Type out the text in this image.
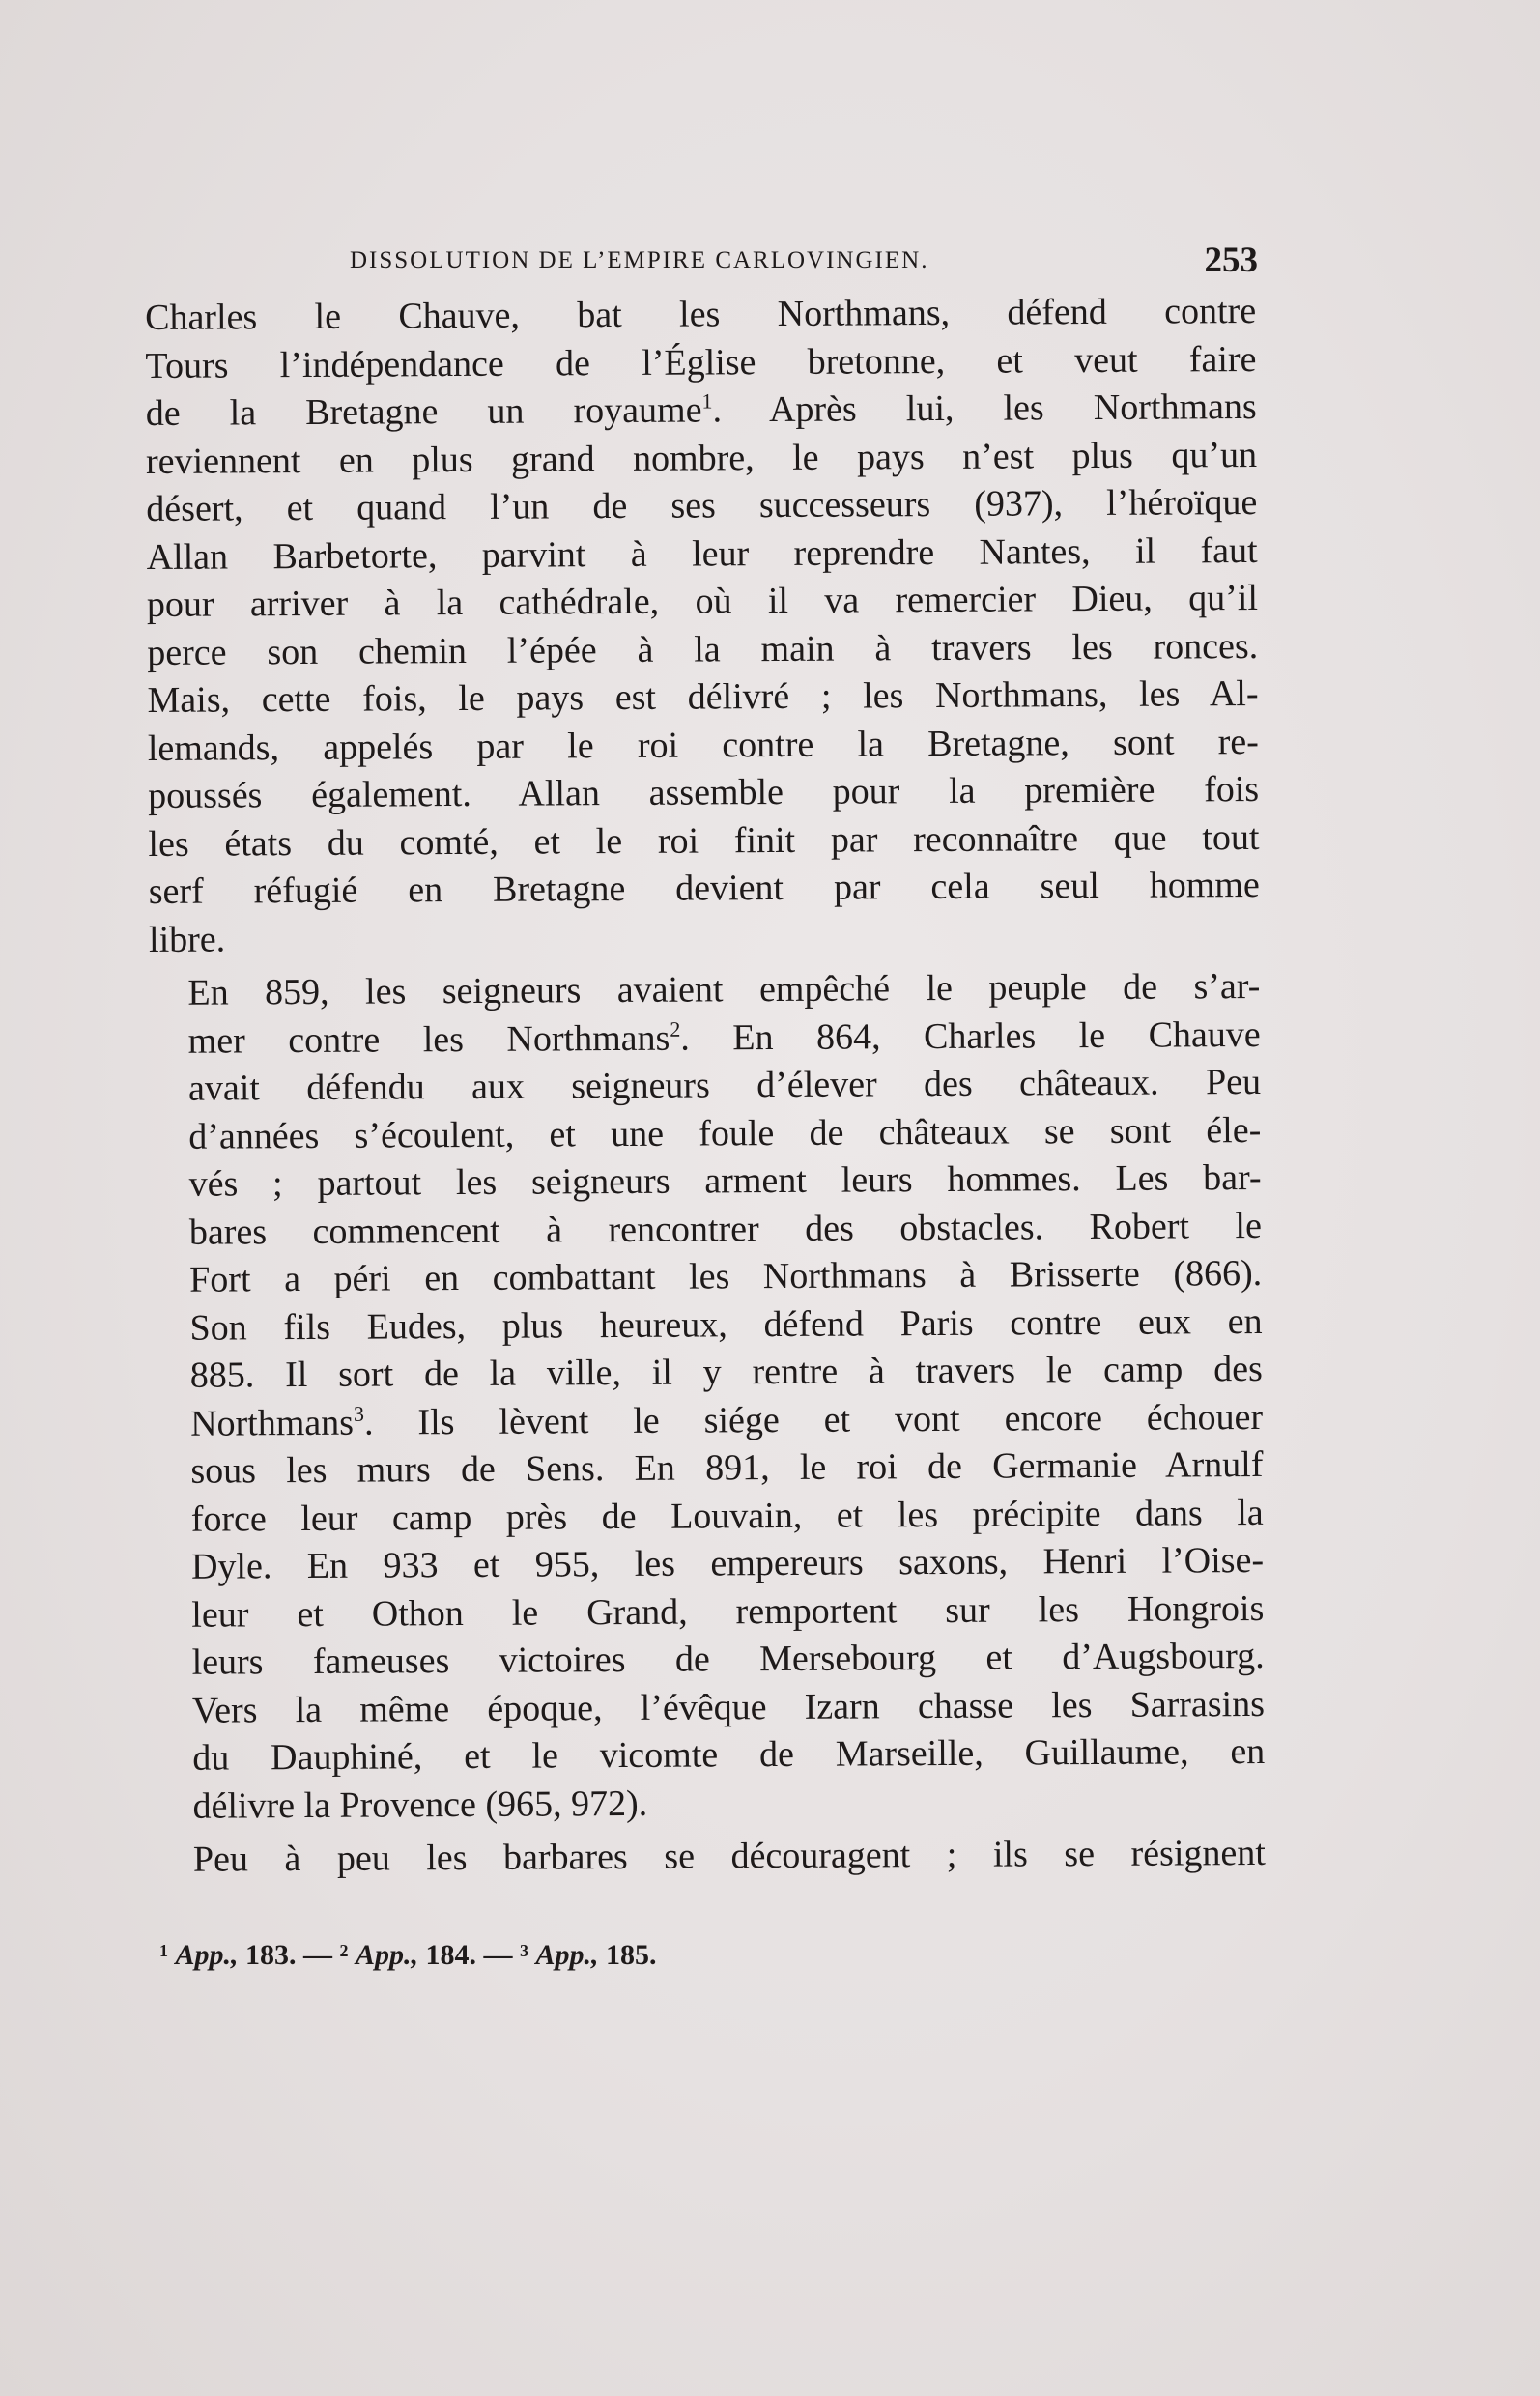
DISSOLUTION DE L’EMPIRE CARLOVINGIEN.	253

Charles le Chauve, bat les Northmans, défend contre
Tours l’indépendance de l’Église bretonne, et veut faire
de la Bretagne un royaume$^1$. Après lui, les Northmans
reviennent en plus grand nombre, le pays n’est plus qu’un
désert, et quand l’un de ses successeurs (937), l’héroïque
Allan Barbetorte, parvint à leur reprendre Nantes, il faut
pour arriver à la cathédrale, où il va remercier Dieu, qu’il
perce son chemin l’épée à la main à travers les ronces.
Mais, cette fois, le pays est délivré ; les Northmans, les Al-
lemands, appelés par le roi contre la Bretagne, sont re-
poussés également. Allan assemble pour la première fois
les états du comté, et le roi finit par reconnaître que tout
serf réfugié en Bretagne devient par cela seul homme
libre.

En 859, les seigneurs avaient empêché le peuple de s’ar-
mer contre les Northmans$^2$. En 864, Charles le Chauve
avait défendu aux seigneurs d’élever des châteaux. Peu
d’années s’écoulent, et une foule de châteaux se sont éle-
vés ; partout les seigneurs arment leurs hommes. Les bar-
bares commencent à rencontrer des obstacles. Robert le
Fort a péri en combattant les Northmans à Brisserte (866).
Son fils Eudes, plus heureux, défend Paris contre eux en
885. Il sort de la ville, il y rentre à travers le camp des
Northmans$^3$. Ils lèvent le siége et vont encore échouer
sous les murs de Sens. En 891, le roi de Germanie Arnulf
force leur camp près de Louvain, et les précipite dans la
Dyle. En 933 et 955, les empereurs saxons, Henri l’Oise-
leur et Othon le Grand, remportent sur les Hongrois
leurs fameuses victoires de Mersebourg et d’Augsbourg.
Vers la même époque, l’évêque Izarn chasse les Sarrasins
du Dauphiné, et le vicomte de Marseille, Guillaume, en
délivre la Provence (965, 972).

Peu à peu les barbares se découragent ; ils se résignent

$^1$ App., 183. — $^2$ App., 184. — $^3$ App., 185.
